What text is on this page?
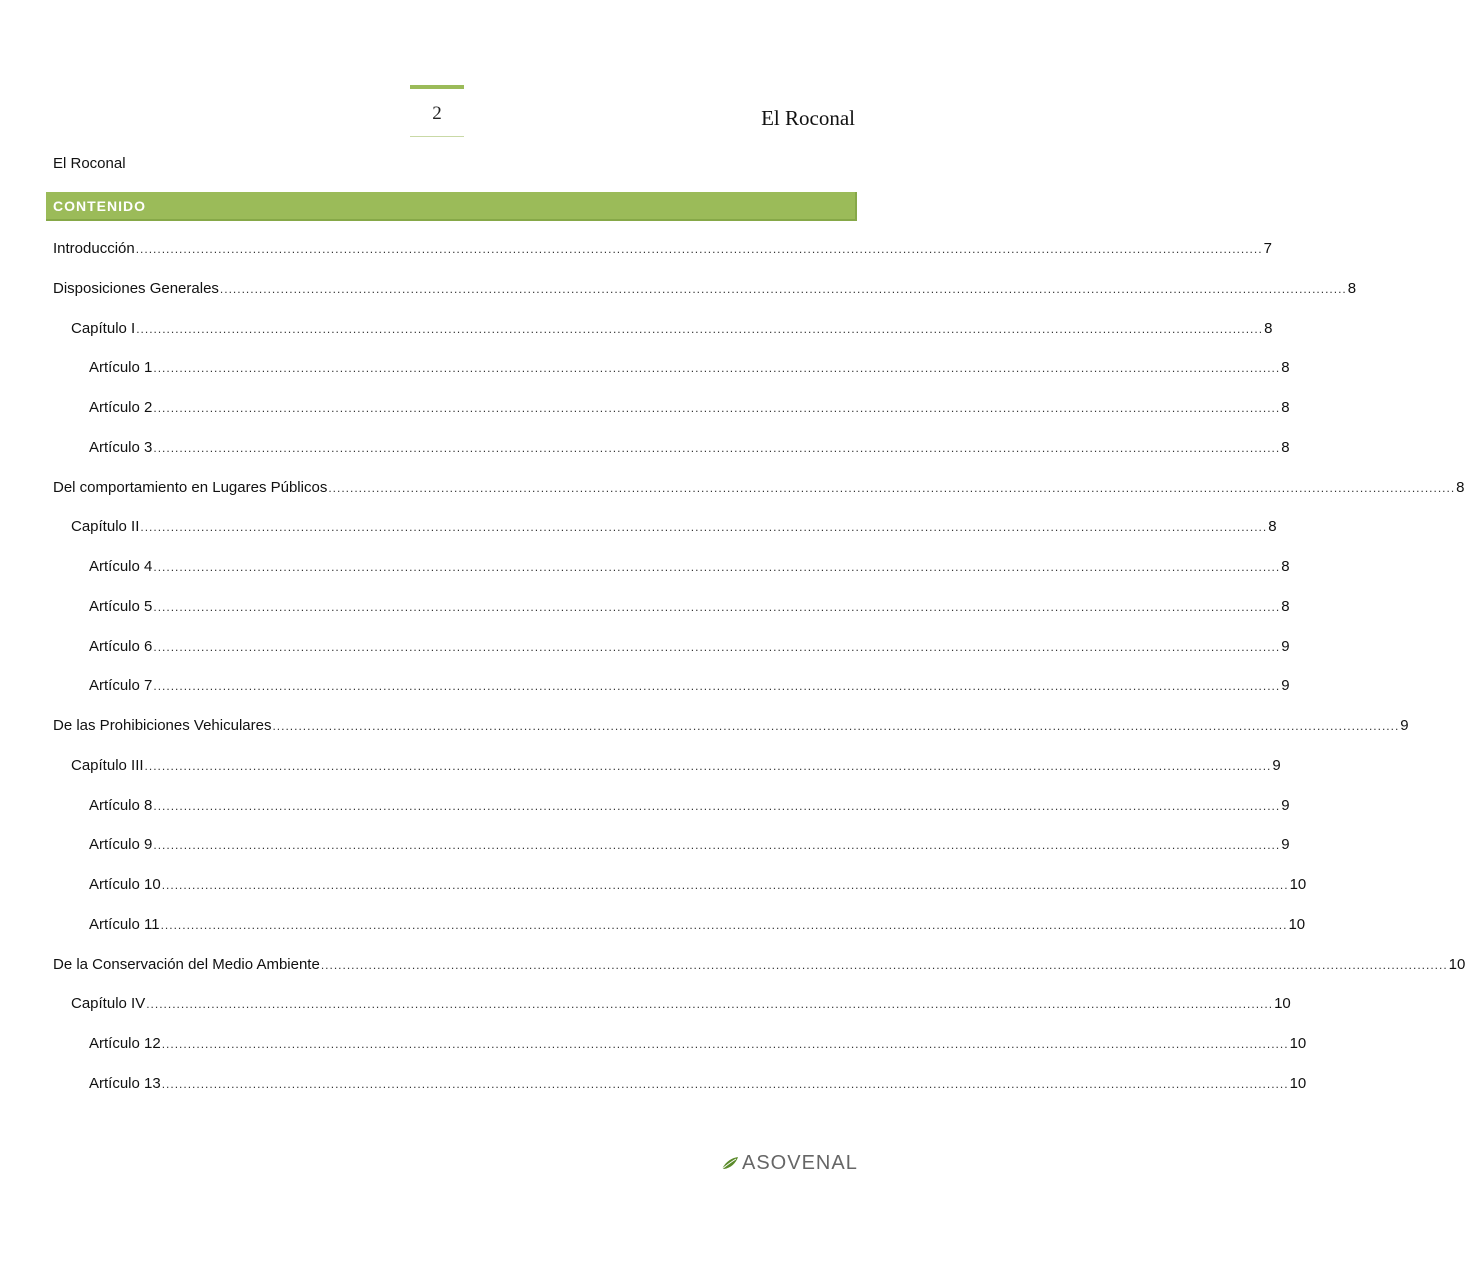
2	El Roconal
El Roconal
CONTENIDO
Introducción .................................................................................................................................................................................................................................................................... 7
Disposiciones Generales .................................................................................................................................................................................................................................................................... 8
Capítulo I .................................................................................................................................................................................................................................................................... 8
Artículo 1 .................................................................................................................................................................................................................................................................... 8
Artículo 2 .................................................................................................................................................................................................................................................................... 8
Artículo 3 .................................................................................................................................................................................................................................................................... 8
Del comportamiento en Lugares Públicos .................................................................................................................................................................................................................................................................... 8
Capítulo II .................................................................................................................................................................................................................................................................... 8
Artículo 4 .................................................................................................................................................................................................................................................................... 8
Artículo 5 .................................................................................................................................................................................................................................................................... 8
Artículo 6 .................................................................................................................................................................................................................................................................... 9
Artículo 7 .................................................................................................................................................................................................................................................................... 9
De las Prohibiciones Vehiculares .................................................................................................................................................................................................................................................................... 9
Capítulo III .................................................................................................................................................................................................................................................................... 9
Artículo 8 .................................................................................................................................................................................................................................................................... 9
Artículo 9 .................................................................................................................................................................................................................................................................... 9
Artículo 10 .................................................................................................................................................................................................................................................................... 10
Artículo 11 .................................................................................................................................................................................................................................................................... 10
De la Conservación del Medio Ambiente .................................................................................................................................................................................................................................................................... 10
Capítulo IV .................................................................................................................................................................................................................................................................... 10
Artículo 12 .................................................................................................................................................................................................................................................................... 10
Artículo 13 .................................................................................................................................................................................................................................................................... 10
ASOVENAL
